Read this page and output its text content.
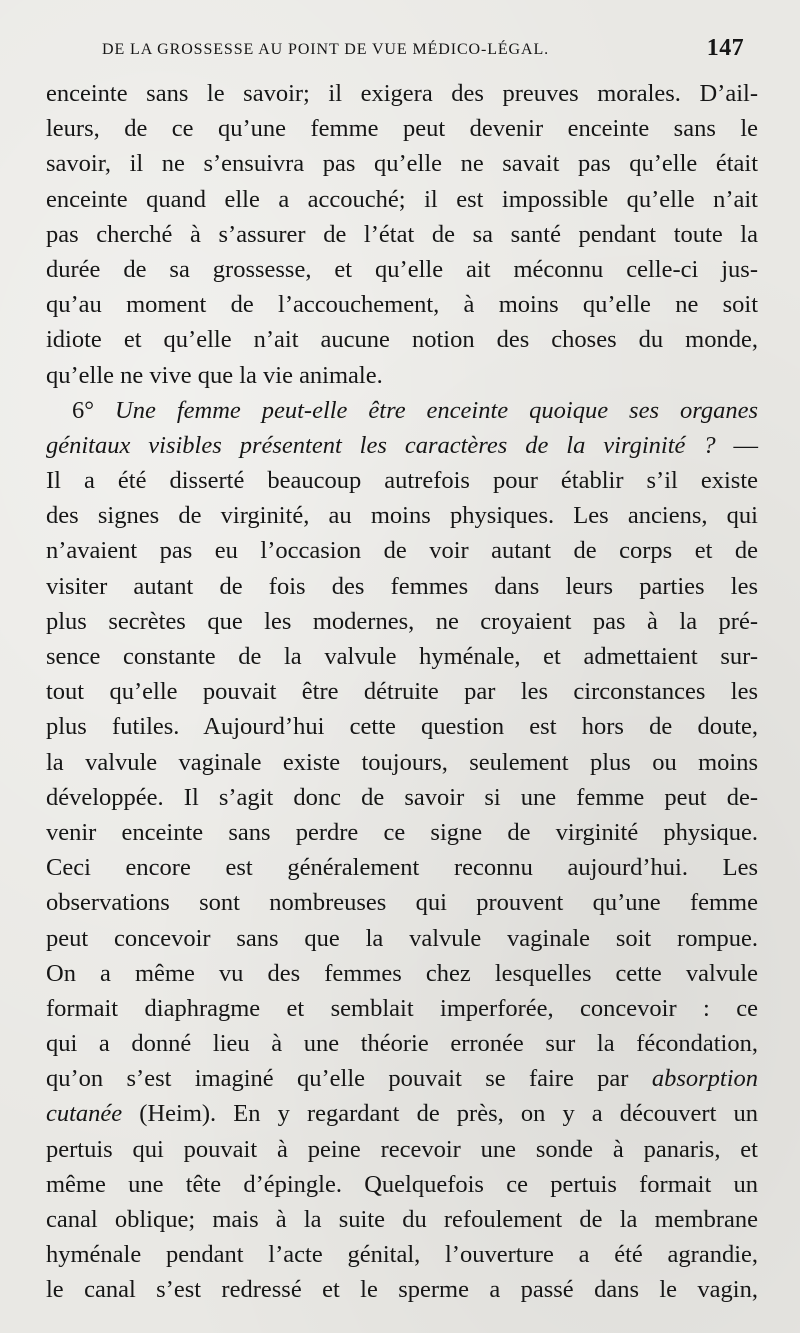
DE LA GROSSESSE AU POINT DE VUE MÉDICO-LÉGAL.	147
enceinte sans le savoir; il exigera des preuves morales. D’ail-
leurs, de ce qu’une femme peut devenir enceinte sans le
savoir, il ne s’ensuivra pas qu’elle ne savait pas qu’elle était
enceinte quand elle a accouché; il est impossible qu’elle n’ait
pas cherché à s’assurer de l’état de sa santé pendant toute la
durée de sa grossesse, et qu’elle ait méconnu celle-ci jus-
qu’au moment de l’accouchement, à moins qu’elle ne soit
idiote et qu’elle n’ait aucune notion des choses du monde,
qu’elle ne vive que la vie animale.
6° Une femme peut-elle être enceinte quoique ses organes
génitaux visibles présentent les caractères de la virginité ? —
Il a été disserté beaucoup autrefois pour établir s’il existe
des signes de virginité, au moins physiques. Les anciens, qui
n’avaient pas eu l’occasion de voir autant de corps et de
visiter autant de fois des femmes dans leurs parties les
plus secrètes que les modernes, ne croyaient pas à la pré-
sence constante de la valvule hyménale, et admettaient sur-
tout qu’elle pouvait être détruite par les circonstances les
plus futiles. Aujourd’hui cette question est hors de doute,
la valvule vaginale existe toujours, seulement plus ou moins
développée. Il s’agit donc de savoir si une femme peut de-
venir enceinte sans perdre ce signe de virginité physique.
Ceci encore est généralement reconnu aujourd’hui. Les
observations sont nombreuses qui prouvent qu’une femme
peut concevoir sans que la valvule vaginale soit rompue.
On a même vu des femmes chez lesquelles cette valvule
formait diaphragme et semblait imperforée, concevoir : ce
qui a donné lieu à une théorie erronée sur la fécondation,
qu’on s’est imaginé qu’elle pouvait se faire par absorption
cutanée (Heim). En y regardant de près, on y a découvert un
pertuis qui pouvait à peine recevoir une sonde à panaris, et
même une tête d’épingle. Quelquefois ce pertuis formait un
canal oblique; mais à la suite du refoulement de la membrane
hyménale pendant l’acte génital, l’ouverture a été agrandie,
le canal s’est redressé et le sperme a passé dans le vagin,
